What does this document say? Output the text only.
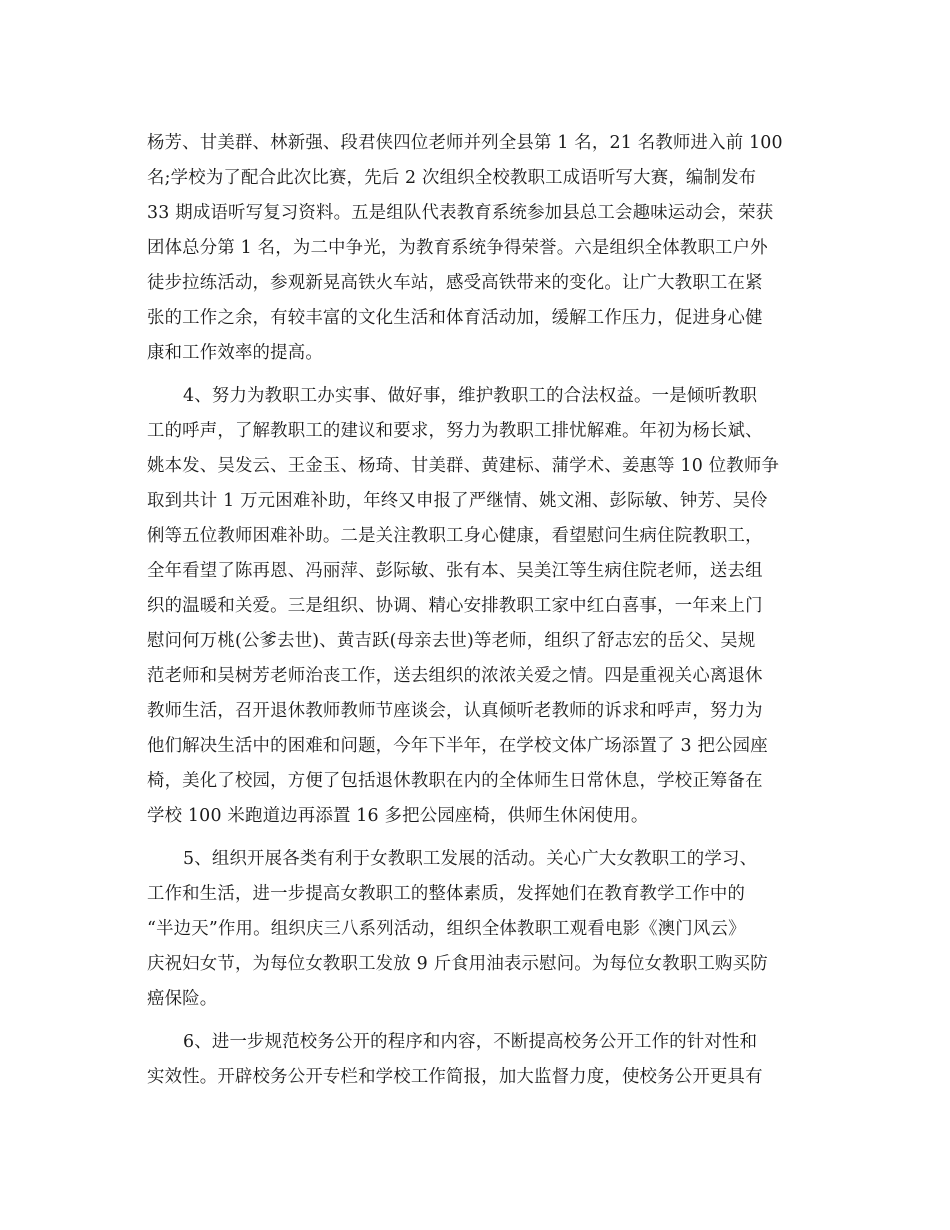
杨芳、甘美群、林新强、段君侠四位老师并列全县第 1 名，21 名教师进入前 100
名;学校为了配合此次比赛，先后 2 次组织全校教职工成语听写大赛，编制发布
33 期成语听写复习资料。五是组队代表教育系统参加县总工会趣味运动会，荣获
团体总分第 1 名，为二中争光，为教育系统争得荣誉。六是组织全体教职工户外
徒步拉练活动，参观新晃高铁火车站，感受高铁带来的变化。让广大教职工在紧
张的工作之余，有较丰富的文化生活和体育活动加，缓解工作压力，促进身心健
康和工作效率的提高。
4、努力为教职工办实事、做好事，维护教职工的合法权益。一是倾听教职
工的呼声，了解教职工的建议和要求，努力为教职工排忧解难。年初为杨长斌、
姚本发、吴发云、王金玉、杨琦、甘美群、黄建标、蒲学术、姜惠等 10 位教师争
取到共计 1 万元困难补助，年终又申报了严继情、姚文湘、彭际敏、钟芳、吴伶
俐等五位教师困难补助。二是关注教职工身心健康，看望慰问生病住院教职工，
全年看望了陈再恩、冯丽萍、彭际敏、张有本、吴美江等生病住院老师，送去组
织的温暖和关爱。三是组织、协调、精心安排教职工家中红白喜事，一年来上门
慰问何万桃(公爹去世)、黄吉跃(母亲去世)等老师，组织了舒志宏的岳父、吴规
范老师和吴树芳老师治丧工作，送去组织的浓浓关爱之情。四是重视关心离退休
教师生活，召开退休教师教师节座谈会，认真倾听老教师的诉求和呼声，努力为
他们解决生活中的困难和问题，今年下半年，在学校文体广场添置了 3 把公园座
椅，美化了校园，方便了包括退休教职在内的全体师生日常休息，学校正筹备在
学校 100 米跑道边再添置 16 多把公园座椅，供师生休闲使用。
5、组织开展各类有利于女教职工发展的活动。关心广大女教职工的学习、
工作和生活，进一步提高女教职工的整体素质，发挥她们在教育教学工作中的
“半边天”作用。组织庆三八系列活动，组织全体教职工观看电影《澳门风云》
庆祝妇女节，为每位女教职工发放 9 斤食用油表示慰问。为每位女教职工购买防
癌保险。
6、进一步规范校务公开的程序和内容，不断提高校务公开工作的针对性和
实效性。开辟校务公开专栏和学校工作简报，加大监督力度，使校务公开更具有
